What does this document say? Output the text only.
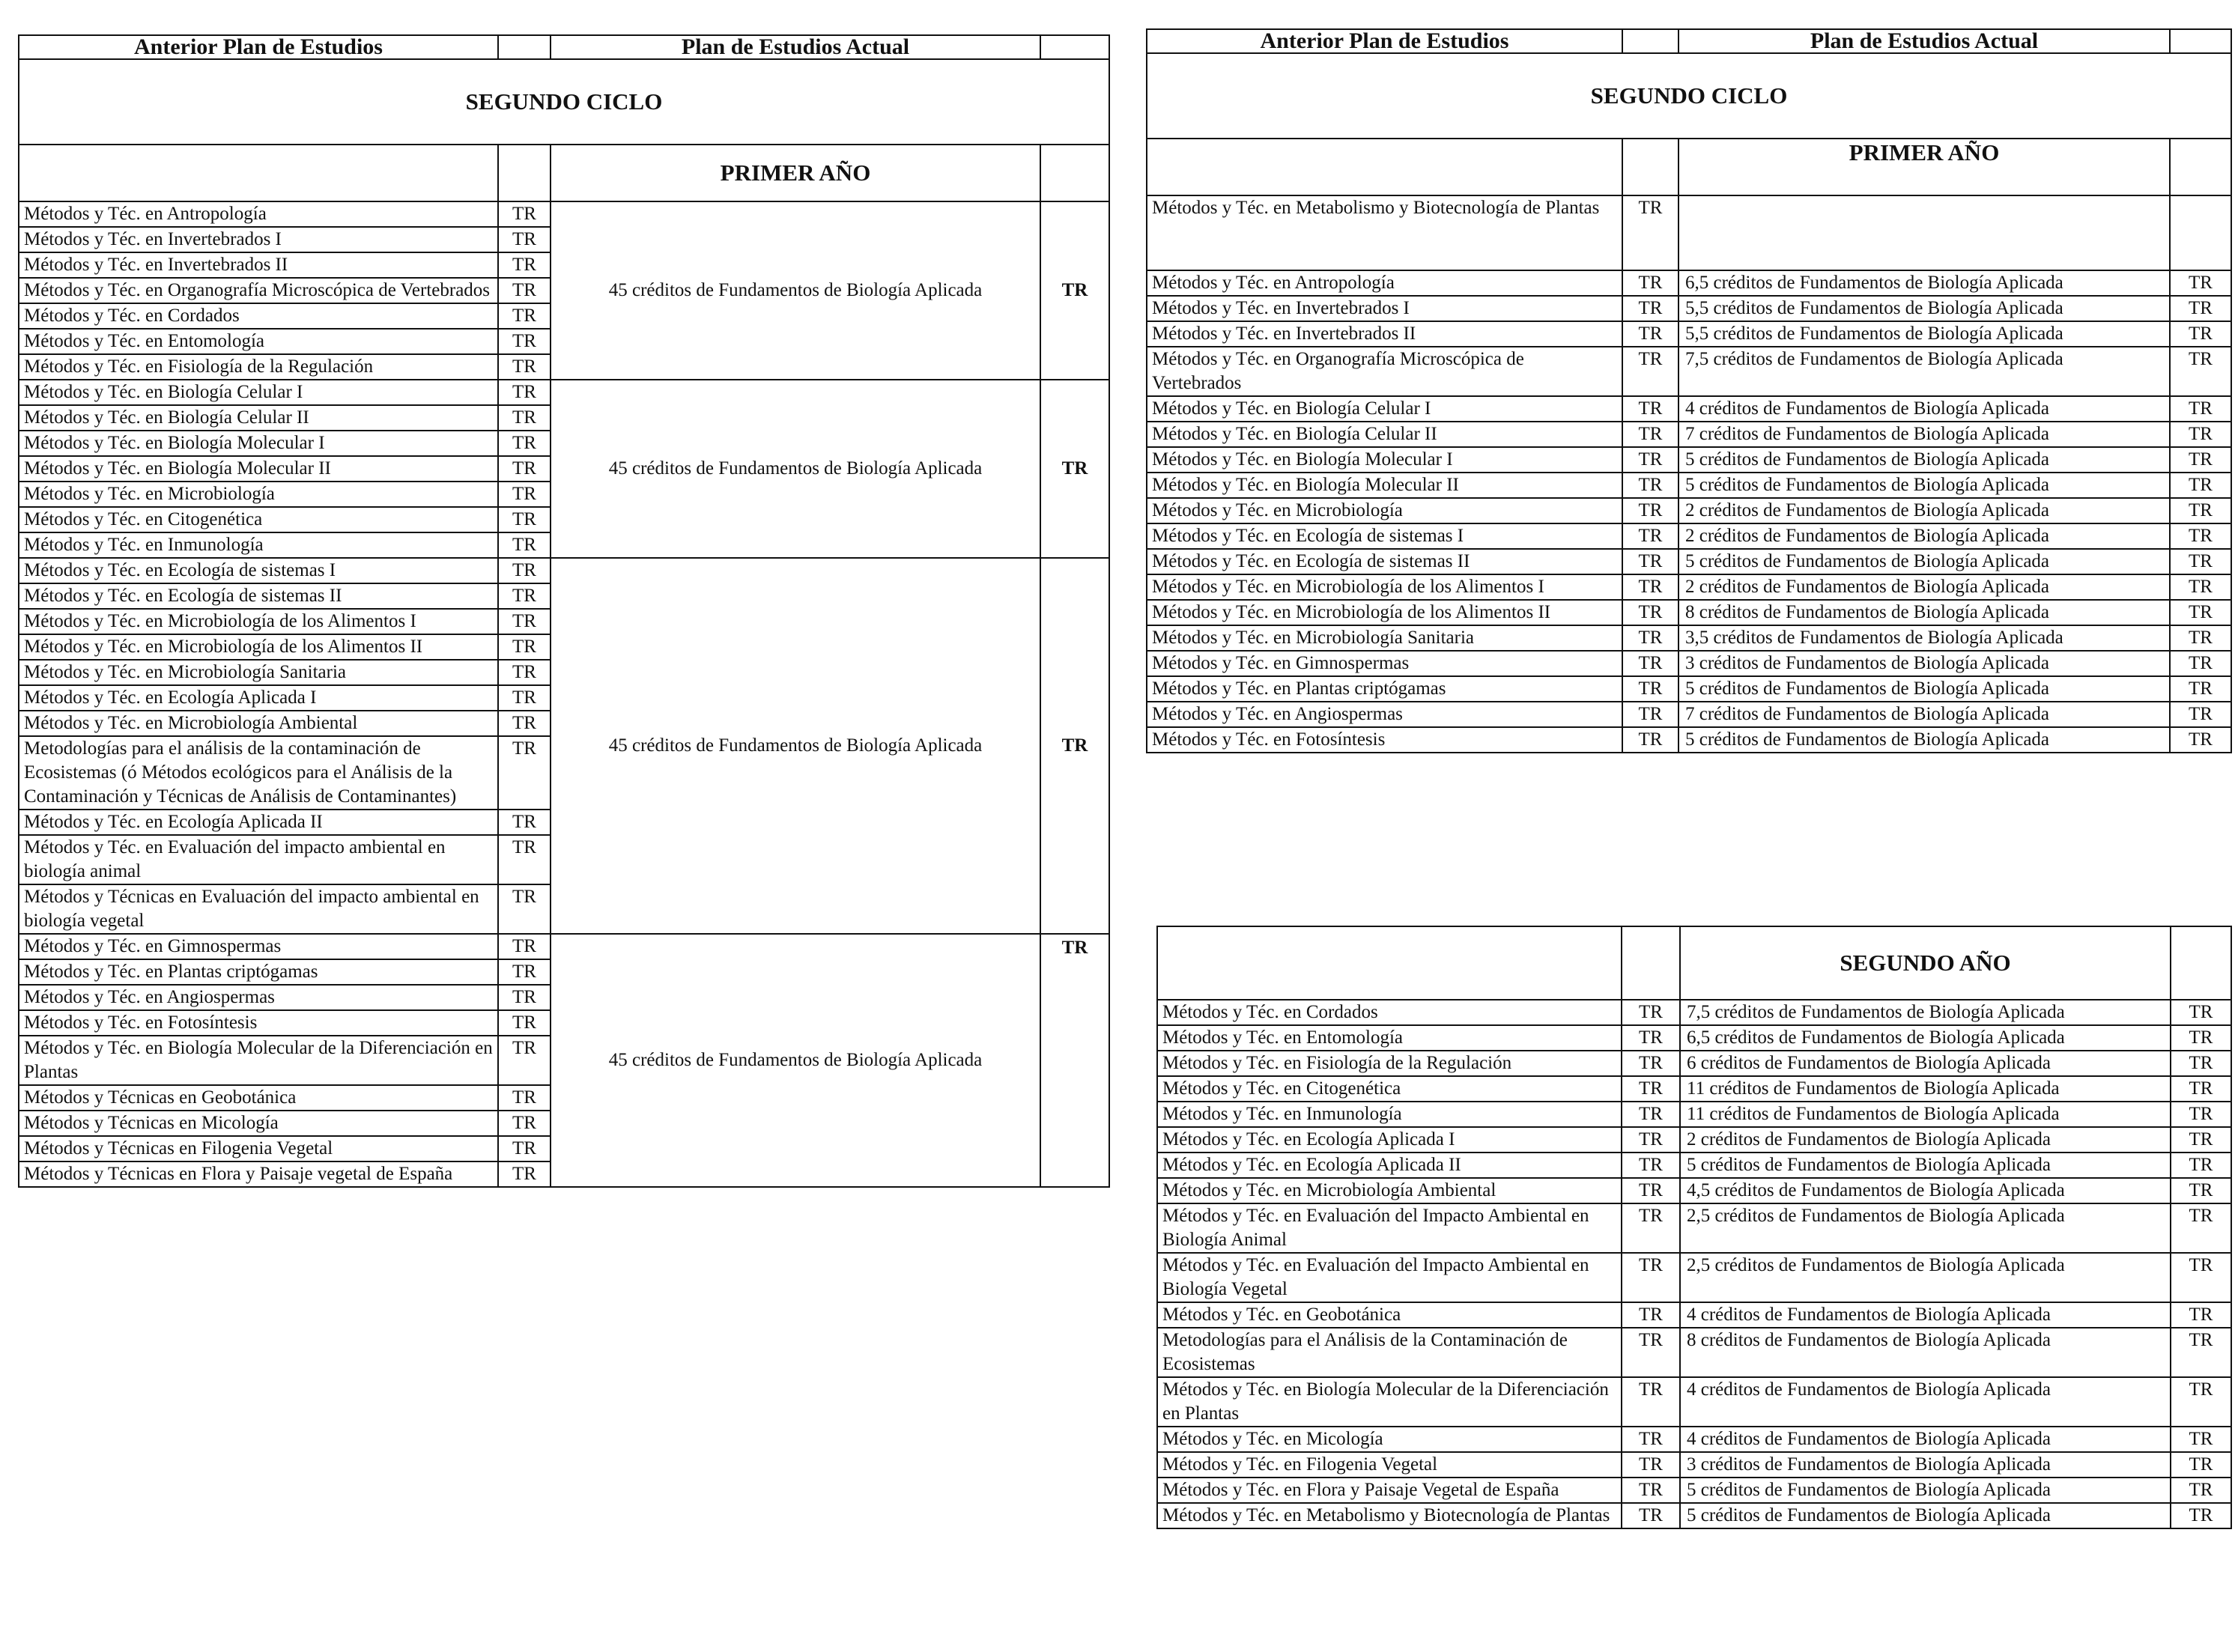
Anterior Plan de Estudios		Plan de Estudios Actual	
SEGUNDO CICLO			
		PRIMER AÑO	
Métodos y Téc. en Antropología	TR	45 créditos de Fundamentos de Biología Aplicada	TR
Métodos y Téc. en Invertebrados I	TR		
Métodos y Téc. en Invertebrados II	TR		
Métodos y Téc. en Organografía Microscópica de Vertebrados	TR		
Métodos y Téc. en Cordados	TR		
Métodos y Téc. en Entomología	TR		
Métodos y Téc. en Fisiología de la Regulación	TR		
Métodos y Téc. en Biología Celular I	TR	45 créditos de Fundamentos de Biología Aplicada	TR
Métodos y Téc. en Biología Celular II	TR		
Métodos y Téc. en Biología Molecular I	TR		
Métodos y Téc. en Biología Molecular II	TR		
Métodos y Téc. en Microbiología	TR		
Métodos y Téc. en Citogenética	TR		
Métodos y Téc. en Inmunología	TR		
Métodos y Téc. en Ecología de sistemas I	TR	45 créditos de Fundamentos de Biología Aplicada	TR
Métodos y Téc. en Ecología de sistemas II	TR		
Métodos y Téc. en Microbiología de los Alimentos I	TR		
Métodos y Téc. en Microbiología de los Alimentos II	TR		
Métodos y Téc. en Microbiología Sanitaria	TR		
Métodos y Téc. en Ecología Aplicada I	TR		
Métodos y Téc. en Microbiología Ambiental	TR		
Metodologías para el análisis de la contaminación de Ecosistemas (ó Métodos ecológicos para el Análisis de la Contaminación y Técnicas de Análisis de Contaminantes)	TR		
Métodos y Téc. en Ecología Aplicada II	TR		
Métodos y Téc. en Evaluación del impacto ambiental en biología animal	TR		
Métodos y Técnicas en Evaluación del impacto ambiental en biología vegetal	TR		
Métodos y Téc. en Gimnospermas	TR	45 créditos de Fundamentos de Biología Aplicada	TR
Métodos y Téc. en Plantas criptógamas	TR		
Métodos y Téc. en Angiospermas	TR		
Métodos y Téc. en Fotosíntesis	TR		
Métodos y Téc. en Biología Molecular de la Diferenciación en Plantas	TR		
Métodos y Técnicas en Geobotánica	TR		
Métodos y Técnicas en Micología	TR		
Métodos y Técnicas en Filogenia Vegetal	TR		
Métodos y Técnicas en Flora y Paisaje vegetal de España	TR		
Anterior Plan de Estudios		Plan de Estudios Actual	
SEGUNDO CICLO			
		PRIMER AÑO	
Métodos y Téc. en Metabolismo y Biotecnología de Plantas	TR		
Métodos y Téc. en Antropología	TR	6,5 créditos de Fundamentos de Biología Aplicada	TR
Métodos y Téc. en Invertebrados I	TR	5,5 créditos de Fundamentos de Biología Aplicada	TR
Métodos y Téc. en Invertebrados II	TR	5,5 créditos de Fundamentos de Biología Aplicada	TR
Métodos y Téc. en Organografía Microscópica de Vertebrados	TR	7,5 créditos de Fundamentos de Biología Aplicada	TR
Métodos y Téc. en Biología Celular I	TR	4 créditos de Fundamentos de Biología Aplicada	TR
Métodos y Téc. en Biología Celular II	TR	7 créditos de Fundamentos de Biología Aplicada	TR
Métodos y Téc. en Biología Molecular I	TR	5 créditos de Fundamentos de Biología Aplicada	TR
Métodos y Téc. en Biología Molecular II	TR	5 créditos de Fundamentos de Biología Aplicada	TR
Métodos y Téc. en Microbiología	TR	2 créditos de Fundamentos de Biología Aplicada	TR
Métodos y Téc. en Ecología de sistemas I	TR	2 créditos de Fundamentos de Biología Aplicada	TR
Métodos y Téc. en Ecología de sistemas II	TR	5 créditos de Fundamentos de Biología Aplicada	TR
Métodos y Téc. en Microbiología de los Alimentos I	TR	2 créditos de Fundamentos de Biología Aplicada	TR
Métodos y Téc. en Microbiología de los Alimentos II	TR	8 créditos de Fundamentos de Biología Aplicada	TR
Métodos y Téc. en Microbiología Sanitaria	TR	3,5 créditos de Fundamentos de Biología Aplicada	TR
Métodos y Téc. en Gimnospermas	TR	3 créditos de Fundamentos de Biología Aplicada	TR
Métodos y Téc. en Plantas criptógamas	TR	5 créditos de Fundamentos de Biología Aplicada	TR
Métodos y Téc. en Angiospermas	TR	7 créditos de Fundamentos de Biología Aplicada	TR
Métodos y Téc. en Fotosíntesis	TR	5 créditos de Fundamentos de Biología Aplicada	TR
		SEGUNDO AÑO	
Métodos y Téc. en Cordados	TR	7,5 créditos de Fundamentos de Biología Aplicada	TR
Métodos y Téc. en Entomología	TR	6,5 créditos de Fundamentos de Biología Aplicada	TR
Métodos y Téc. en Fisiología de la Regulación	TR	6 créditos de Fundamentos de Biología Aplicada	TR
Métodos y Téc. en Citogenética	TR	11 créditos de Fundamentos de Biología Aplicada	TR
Métodos y Téc. en Inmunología	TR	11 créditos de Fundamentos de Biología Aplicada	TR
Métodos y Téc. en Ecología Aplicada I	TR	2 créditos de Fundamentos de Biología Aplicada	TR
Métodos y Téc. en Ecología Aplicada II	TR	5 créditos de Fundamentos de Biología Aplicada	TR
Métodos y Téc. en Microbiología Ambiental	TR	4,5 créditos de Fundamentos de Biología Aplicada	TR
Métodos y Téc. en Evaluación del Impacto Ambiental en Biología Animal	TR	2,5 créditos de Fundamentos de Biología Aplicada	TR
Métodos y Téc. en Evaluación del Impacto Ambiental en Biología Vegetal	TR	2,5 créditos de Fundamentos de Biología Aplicada	TR
Métodos y Téc. en Geobotánica	TR	4 créditos de Fundamentos de Biología Aplicada	TR
Metodologías para el Análisis de la Contaminación de Ecosistemas	TR	8 créditos de Fundamentos de Biología Aplicada	TR
Métodos y Téc. en Biología Molecular de la Diferenciación en Plantas	TR	4 créditos de Fundamentos de Biología Aplicada	TR
Métodos y Téc. en Micología	TR	4 créditos de Fundamentos de Biología Aplicada	TR
Métodos y Téc. en Filogenia Vegetal	TR	3 créditos de Fundamentos de Biología Aplicada	TR
Métodos y Téc. en Flora y Paisaje Vegetal de España	TR	5 créditos de Fundamentos de Biología Aplicada	TR
Métodos y Téc. en Metabolismo y Biotecnología de Plantas	TR	5 créditos de Fundamentos de Biología Aplicada	TR
